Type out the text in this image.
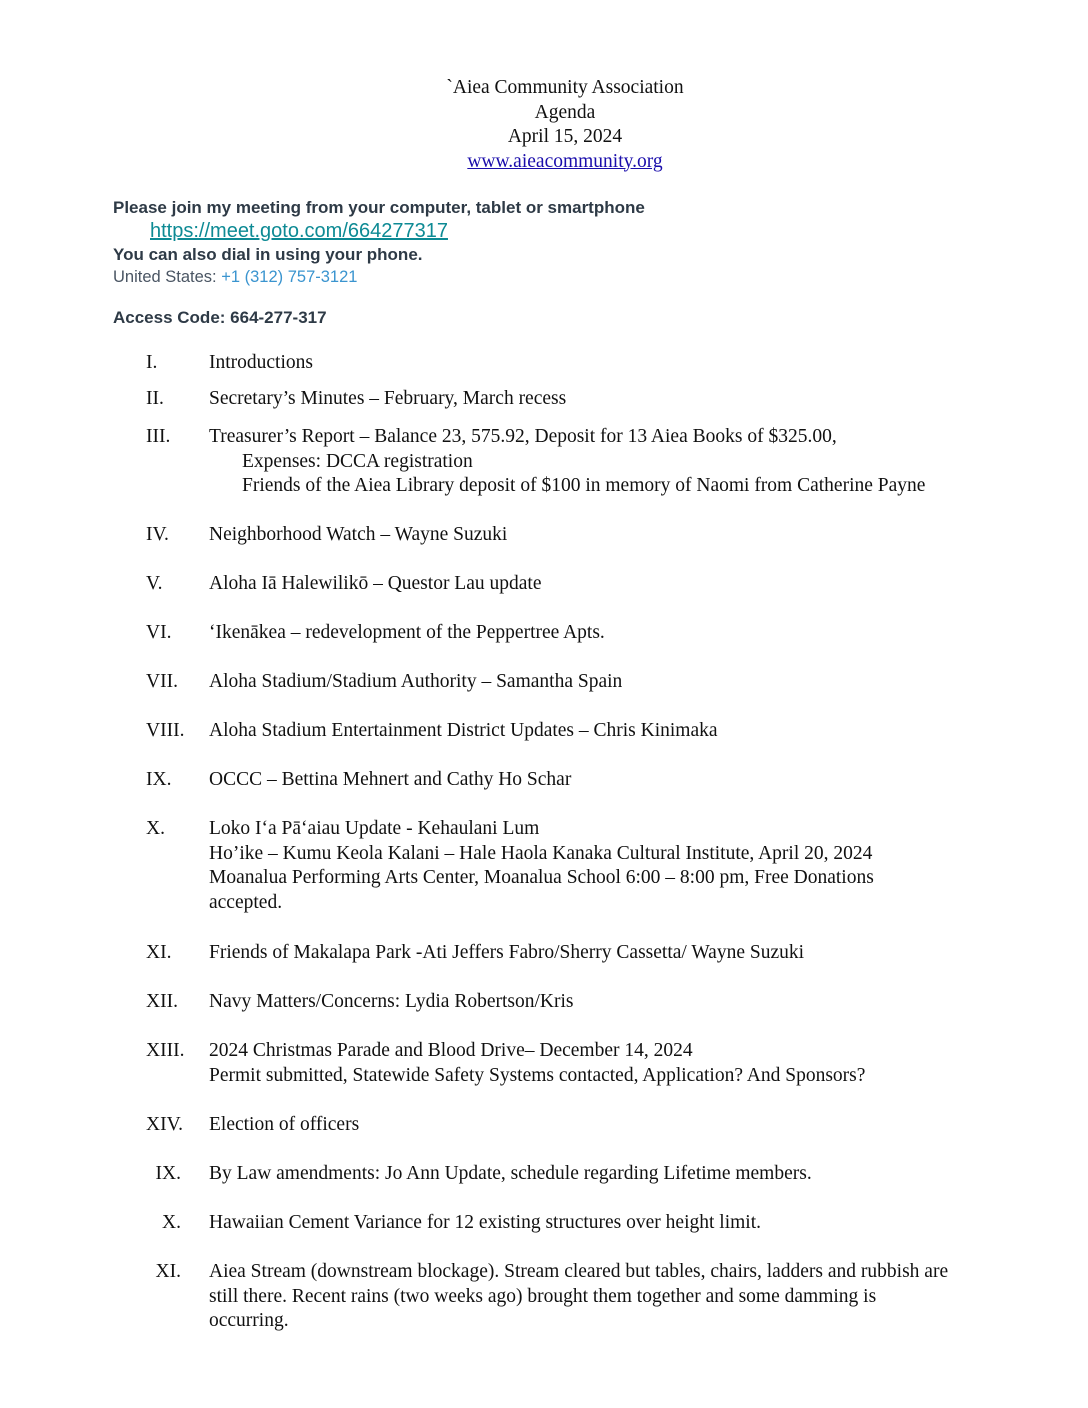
`Aiea Community Association
Agenda
April 15, 2024
www.aieacommunity.org
Please join my meeting from your computer, tablet or smartphone
https://meet.goto.com/664277317
You can also dial in using your phone.
United States: +1 (312) 757-3121
Access Code: 664-277-317
I.	Introductions
II.	Secretary’s Minutes – February, March recess
III.	Treasurer’s Report – Balance 23, 575.92, Deposit for 13 Aiea Books of $325.00,
Expenses: DCCA registration
Friends of the Aiea Library deposit of $100 in memory of Naomi from Catherine Payne
IV.	Neighborhood Watch – Wayne Suzuki
V.	Aloha Iā Halewilikō – Questor Lau update
VI.	‘Ikenākea – redevelopment of the Peppertree Apts.
VII.	Aloha Stadium/Stadium Authority – Samantha Spain
VIII.	Aloha Stadium Entertainment District Updates – Chris Kinimaka
IX.	OCCC – Bettina Mehnert and Cathy Ho Schar
X.	Loko Iʻa Pāʻaiau Update - Kehaulani Lum
Ho’ike – Kumu Keola Kalani – Hale Haola Kanaka Cultural Institute, April 20, 2024
Moanalua Performing Arts Center, Moanalua School 6:00 – 8:00 pm, Free Donations
accepted.
XI.	Friends of Makalapa Park -Ati Jeffers Fabro/Sherry Cassetta/ Wayne Suzuki
XII.	Navy Matters/Concerns: Lydia Robertson/Kris
XIII.	2024 Christmas Parade and Blood Drive– December 14, 2024
Permit submitted, Statewide Safety Systems contacted, Application? And Sponsors?
XIV.	Election of officers
IX. By Law amendments: Jo Ann Update, schedule regarding Lifetime members.
X. Hawaiian Cement Variance for 12 existing structures over height limit.
XI. Aiea Stream (downstream blockage). Stream cleared but tables, chairs, ladders and rubbish are
still there. Recent rains (two weeks ago) brought them together and some damming is
occurring.
